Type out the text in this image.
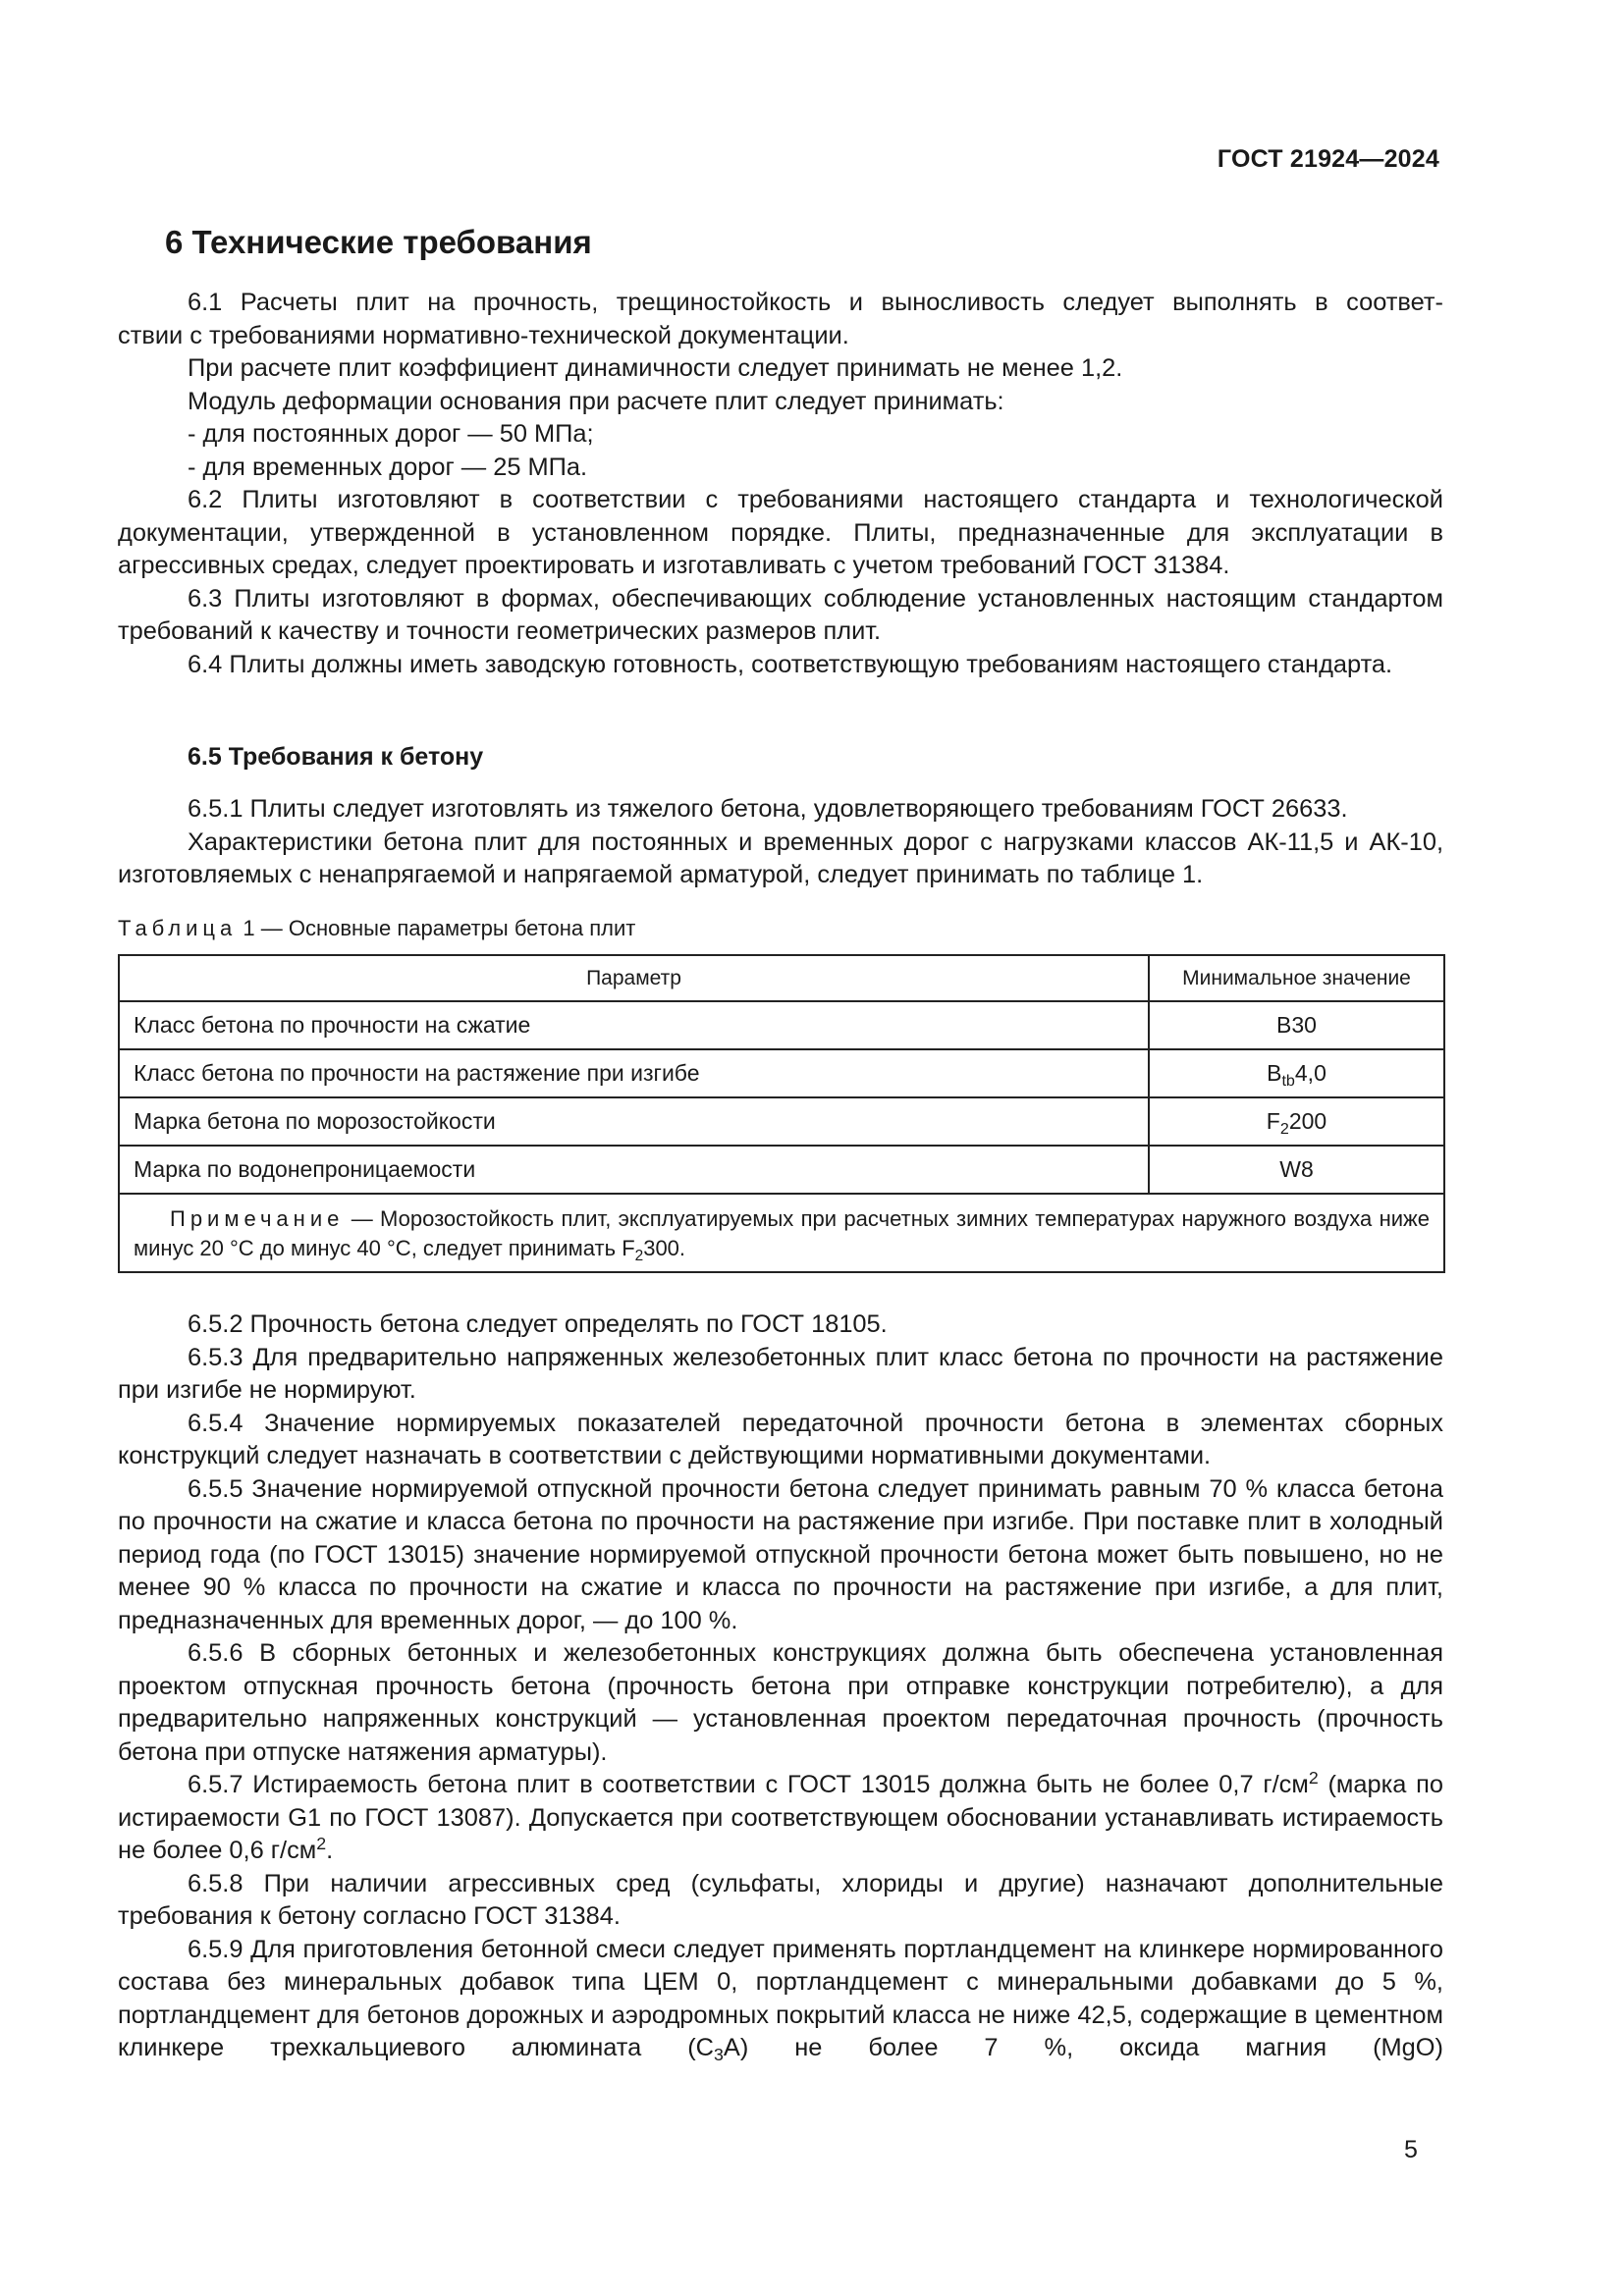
ГОСТ 21924—2024
6 Технические требования

6.1 Расчеты плит на прочность, трещиностойкость и выносливость следует выполнять в соответ-

ствии с требованиями нормативно-технической документации.

При расчете плит коэффициент динамичности следует принимать не менее 1,2.

Модуль деформации основания при расчете плит следует принимать:

- для постоянных дорог — 50 МПа;

- для временных дорог — 25 МПа.

6.2 Плиты изготовляют в соответствии с требованиями настоящего стандарта и технологической документации, утвержденной в установленном порядке. Плиты, предназначенные для эксплуатации в агрессивных средах, следует проектировать и изготавливать с учетом требований ГОСТ 31384.

6.3 Плиты изготовляют в формах, обеспечивающих соблюдение установленных настоящим стандартом требований к качеству и точности геометрических размеров плит.

6.4 Плиты должны иметь заводскую готовность, соответствующую требованиям настоящего стандарта.

6.5 Требования к бетону

6.5.1 Плиты следует изготовлять из тяжелого бетона, удовлетворяющего требованиям ГОСТ 26633.

Характеристики бетона плит для постоянных и временных дорог с нагрузками классов АК-11,5 и АК-10, изготовляемых с ненапрягаемой и напрягаемой арматурой, следует принимать по таблице 1.

Таблица 1 — Основные параметры бетона плит
Параметр	Минимальное значение
Класс бетона по прочности на сжатие	B30
Класс бетона по прочности на растяжение при изгибе	$B_{tb}4,0$
Марка бетона по морозостойкости	$F_2200$
Марка по водонепроницаемости	W8
Примечание — Морозостойкость плит, эксплуатируемых при расчетных зимних температурах наружного воздуха ниже минус 20 °С до минус 40 °С, следует принимать $F_2300$.	

6.5.2 Прочность бетона следует определять по ГОСТ 18105.

6.5.3 Для предварительно напряженных железобетонных плит класс бетона по прочности на растяжение при изгибе не нормируют.

6.5.4 Значение нормируемых показателей передаточной прочности бетона в элементах сборных конструкций следует назначать в соответствии с действующими нормативными документами.

6.5.5 Значение нормируемой отпускной прочности бетона следует принимать равным 70 % класса бетона по прочности на сжатие и класса бетона по прочности на растяжение при изгибе. При поставке плит в холодный период года (по ГОСТ 13015) значение нормируемой отпускной прочности бетона может быть повышено, но не менее 90 % класса по прочности на сжатие и класса по прочности на растяжение при изгибе, а для плит, предназначенных для временных дорог, — до 100 %.

6.5.6 В сборных бетонных и железобетонных конструкциях должна быть обеспечена установленная проектом отпускная прочность бетона (прочность бетона при отправке конструкции потребителю), а для предварительно напряженных конструкций — установленная проектом передаточная прочность (прочность бетона при отпуске натяжения арматуры).

6.5.7 Истираемость бетона плит в соответствии с ГОСТ 13015 должна быть не более 0,7 $г/см^2$ (марка по истираемости G1 по ГОСТ 13087). Допускается при соответствующем обосновании устанавливать истираемость не более 0,6 $г/см^2$.

6.5.8 При наличии агрессивных сред (сульфаты, хлориды и другие) назначают дополнительные требования к бетону согласно ГОСТ 31384.

6.5.9 Для приготовления бетонной смеси следует применять портландцемент на клинкере нормированного состава без минеральных добавок типа ЦЕМ 0, портландцемент с минеральными добавками до 5 %, портландцемент для бетонов дорожных и аэродромных покрытий класса не ниже 42,5, содержащие в цементном клинкере трехкальциевого алюмината $(С_3А)$ не более 7 %, оксида магния (MgO)

5
